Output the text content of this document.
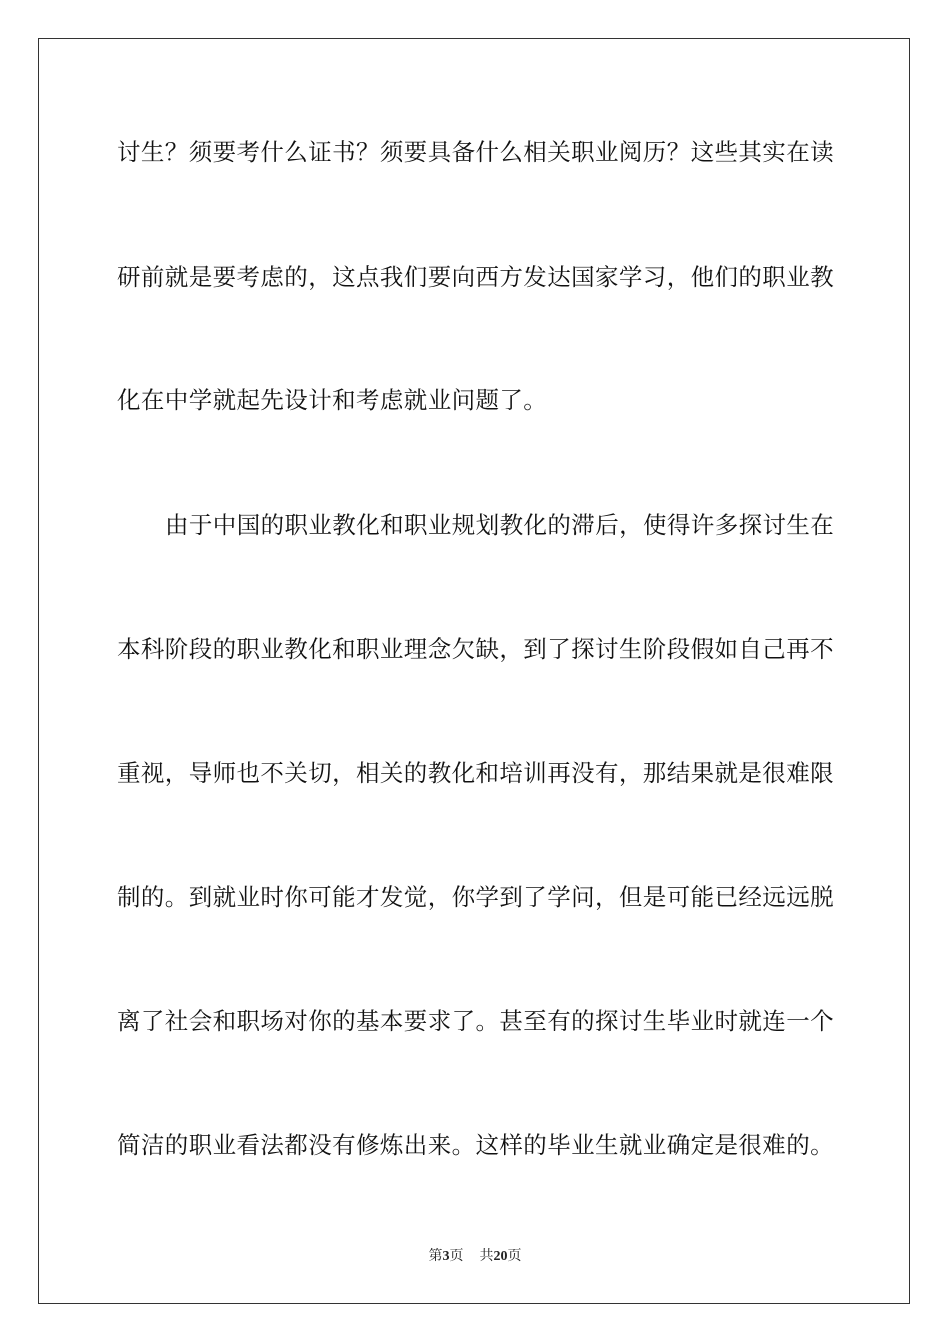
讨生？须要考什么证书？须要具备什么相关职业阅历？这些其实在读
研前就是要考虑的，这点我们要向西方发达国家学习，他们的职业教
化在中学就起先设计和考虑就业问题了。
由于中国的职业教化和职业规划教化的滞后，使得许多探讨生在
本科阶段的职业教化和职业理念欠缺，到了探讨生阶段假如自己再不
重视，导师也不关切，相关的教化和培训再没有，那结果就是很难限
制的。到就业时你可能才发觉，你学到了学问，但是可能已经远远脱
离了社会和职场对你的基本要求了。甚至有的探讨生毕业时就连一个
简洁的职业看法都没有修炼出来。这样的毕业生就业确定是很难的。
第3页 共20页
